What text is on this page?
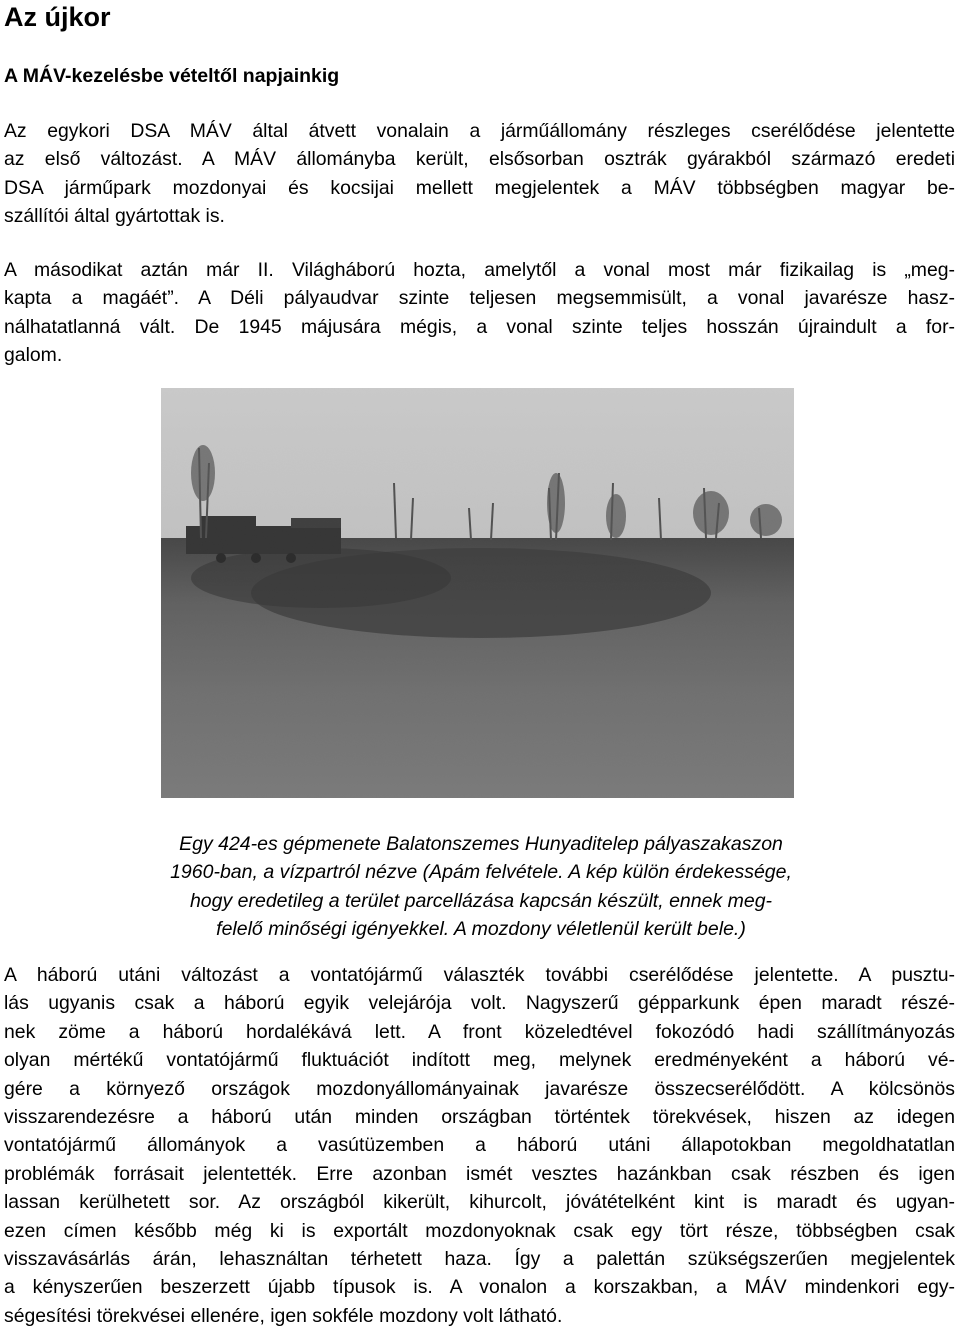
Az újkor
A MÁV-kezelésbe vételtől napjainkig
Az egykori DSA MÁV által átvett vonalain a járműállomány részleges cserélődése jelentette
az első változást. A MÁV állományba került, elsősorban osztrák gyárakból származó eredeti
DSA járműpark mozdonyai és kocsijai mellett megjelentek a MÁV többségben magyar be-
szállítói által gyártottak is.
A másodikat aztán már II. Világháború hozta, amelytől a vonal most már fizikailag is „meg-
kapta a magáét”. A Déli pályaudvar szinte teljesen megsemmisült, a vonal javarésze hasz-
nálhatatlanná vált. De 1945 májusára mégis, a vonal szinte teljes hosszán újraindult a for-
galom.
Egy 424-es gépmenete Balatonszemes Hunyaditelep pályaszakaszon
1960-ban, a vízpartról nézve (Apám felvétele. A kép külön érdekessége,
hogy eredetileg a terület parcellázása kapcsán készült, ennek meg-
felelő minőségi igényekkel. A mozdony véletlenül került bele.)
A háború utáni változást a vontatójármű választék további cserélődése jelentette. A pusztu-
lás ugyanis csak a háború egyik velejárója volt. Nagyszerű gépparkunk épen maradt részé-
nek zöme a háború hordalékává lett. A front közeledtével fokozódó hadi szállítmányozás
olyan mértékű vontatójármű fluktuációt indított meg, melynek eredményeként a háború vé-
gére a környező országok mozdonyállományainak javarésze összecserélődött. A kölcsönös
visszarendezésre a háború után minden országban történtek törekvések, hiszen az idegen
vontatójármű állományok a vasútüzemben a háború utáni állapotokban megoldhatatlan
problémák forrásait jelentették. Erre azonban ismét vesztes hazánkban csak részben és igen
lassan kerülhetett sor. Az országból kikerült, kihurcolt, jóvátételként kint is maradt és ugyan-
ezen címen később még ki is exportált mozdonyoknak csak egy tört része, többségben csak
visszavásárlás árán, lehasználtan térhetett haza. Így a palettán szükségszerűen megjelentek
a kényszerűen beszerzett újabb típusok is. A vonalon a korszakban, a MÁV mindenkori egy-
ségesítési törekvései ellenére, igen sokféle mozdony volt látható.
